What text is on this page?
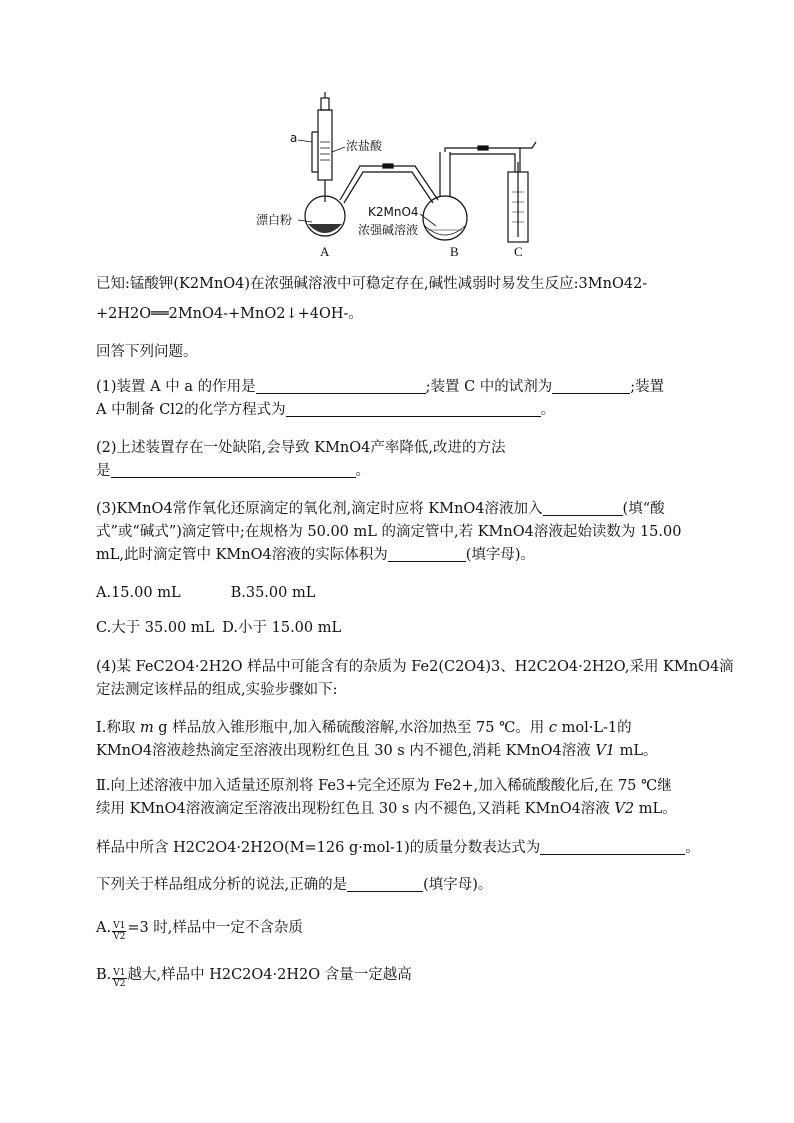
a
浓盐酸
漂白粉
K2MnO4
浓强碱溶液
A	B	C
已知:锰酸钾(K2MnO4)在浓强碱溶液中可稳定存在,碱性减弱时易发生反应:3MnO42-
+2H2O══2MnO4-+MnO2↓+4OH-。
回答下列问题。
(1)装置 A 中 a 的作用是	;装置 C 中的试剂为	;装置
A 中制备 Cl2的化学方程式为	。
(2)上述装置存在一处缺陷,会导致 KMnO4产率降低,改进的方法
是	。
(3)KMnO4常作氧化还原滴定的氧化剂,滴定时应将 KMnO4溶液加入	(填“酸
式”或“碱式”)滴定管中;在规格为 50.00 mL 的滴定管中,若 KMnO4溶液起始读数为 15.00
mL,此时滴定管中 KMnO4溶液的实际体积为	(填字母)。
A.15.00 mL	B.35.00 mL
C.大于 35.00 mL D.小于 15.00 mL
(4)某 FeC2O4·2H2O 样品中可能含有的杂质为 Fe2(C2O4)3、H2C2O4·2H2O,采用 KMnO4滴
定法测定该样品的组成,实验步骤如下:
Ⅰ.称取 m g 样品放入锥形瓶中,加入稀硫酸溶解,水浴加热至 75 ℃。用 c mol·L-1的
KMnO4溶液趁热滴定至溶液出现粉红色且 30 s 内不褪色,消耗 KMnO4溶液 V1 mL。
Ⅱ.向上述溶液中加入适量还原剂将 Fe3+完全还原为 Fe2+,加入稀硫酸酸化后,在 75 ℃继
续用 KMnO4溶液滴定至溶液出现粉红色且 30 s 内不褪色,又消耗 KMnO4溶液 V2 mL。
样品中所含 H2C2O4·2H2O(M=126 g·mol-1)的质量分数表达式为	。
下列关于样品组成分析的说法,正确的是	(填字母)。
A. $\frac{V1}{V2} =3$ 时,样品中一定不含杂质
B. $\frac{V1}{V2}$ 越大,样品中 H2C2O4·2H2O 含量一定越高
